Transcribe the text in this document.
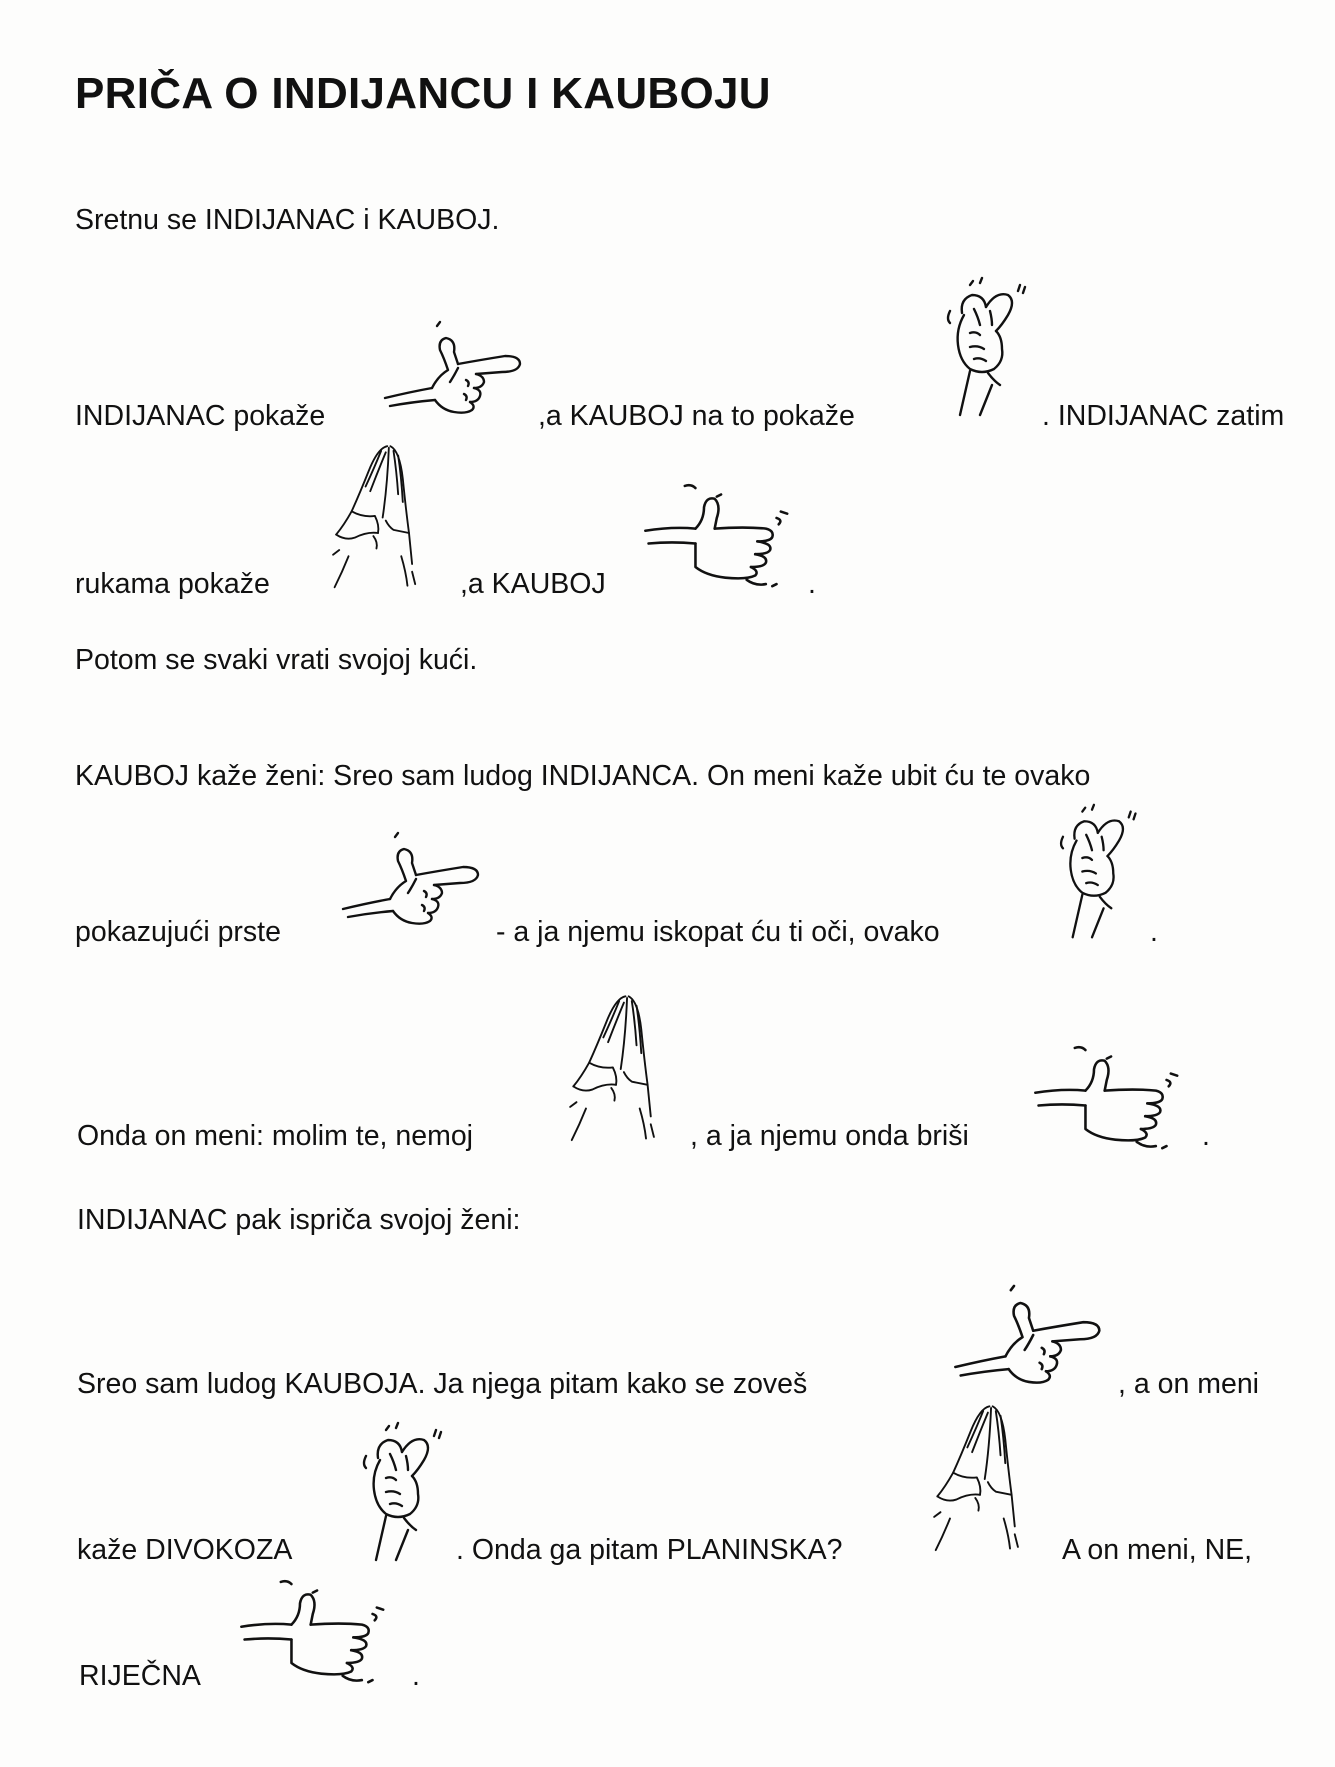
PRIČA O INDIJANCU I KAUBOJU
Sretnu se INDIJANAC i KAUBOJ.
INDIJANAC pokaže	,a KAUBOJ na to pokaže	. INDIJANAC zatim
rukama pokaže	,a KAUBOJ	.
Potom se svaki vrati svojoj kući.
KAUBOJ kaže ženi: Sreo sam ludog INDIJANCA. On meni kaže ubit ću te ovako
pokazujući prste	- a ja njemu iskopat ću ti oči, ovako	.
Onda on meni: molim te, nemoj	, a ja njemu onda briši	.
INDIJANAC pak ispriča svojoj ženi:
Sreo sam ludog KAUBOJA. Ja njega pitam kako se zoveš	, a on meni
kaže DIVOKOZA	. Onda ga pitam PLANINSKA?	A on meni, NE,
RIJEČNA	.
